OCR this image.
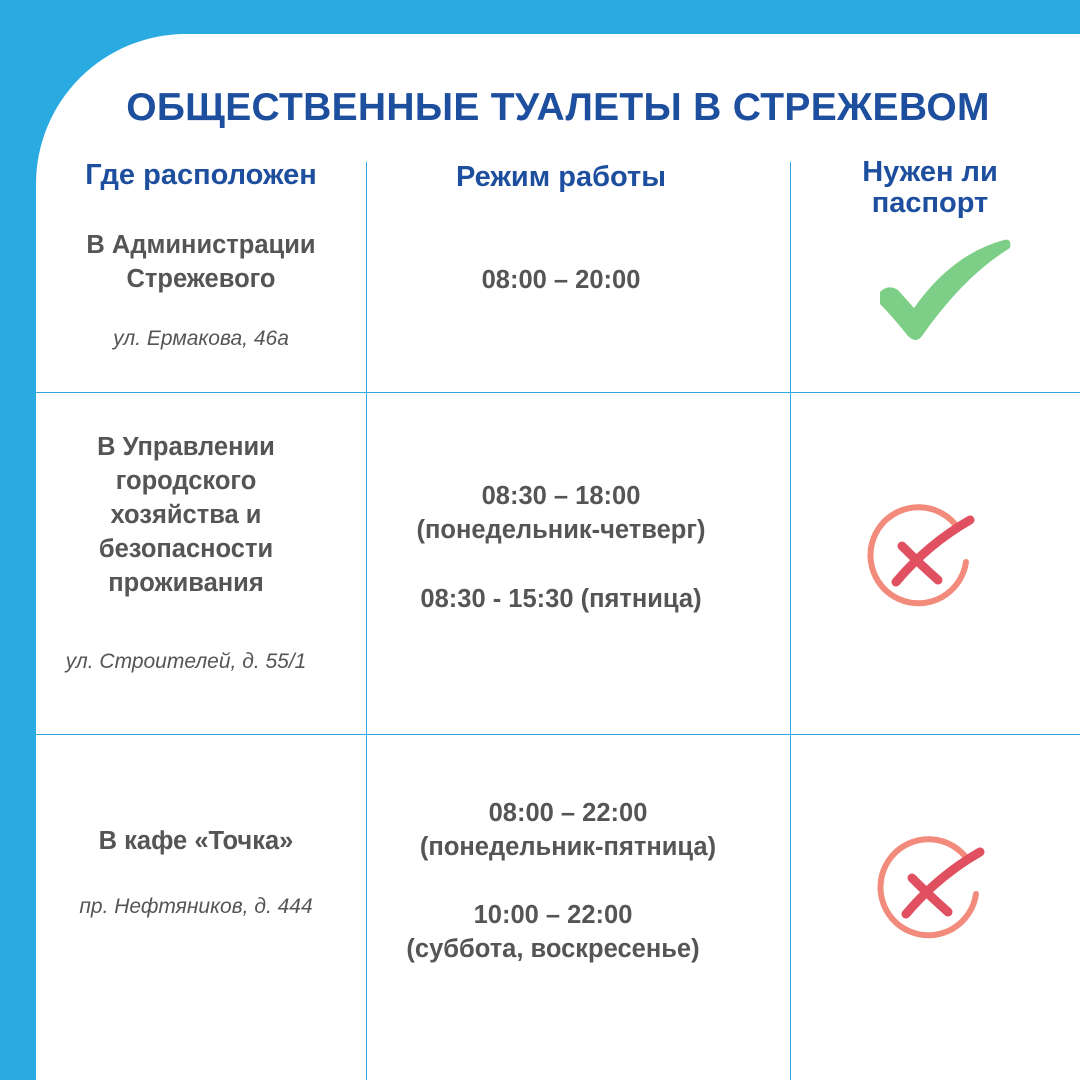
ОБЩЕСТВЕННЫЕ ТУАЛЕТЫ В СТРЕЖЕВОМ
Где расположен	Режим работы	Нужен ли
паспорт
В Администрации
Стрежевого
ул. Ермакова, 46а
08:00 – 20:00
В Управлении
городского
хозяйства и
безопасности
проживания
ул. Строителей, д. 55/1
08:30 – 18:00
(понедельник-четверг)
08:30 - 15:30 (пятница)
В кафе «Точка»
пр. Нефтяников, д. 444
08:00 – 22:00
(понедельник-пятница)
10:00 – 22:00
(суббота, воскресенье)
